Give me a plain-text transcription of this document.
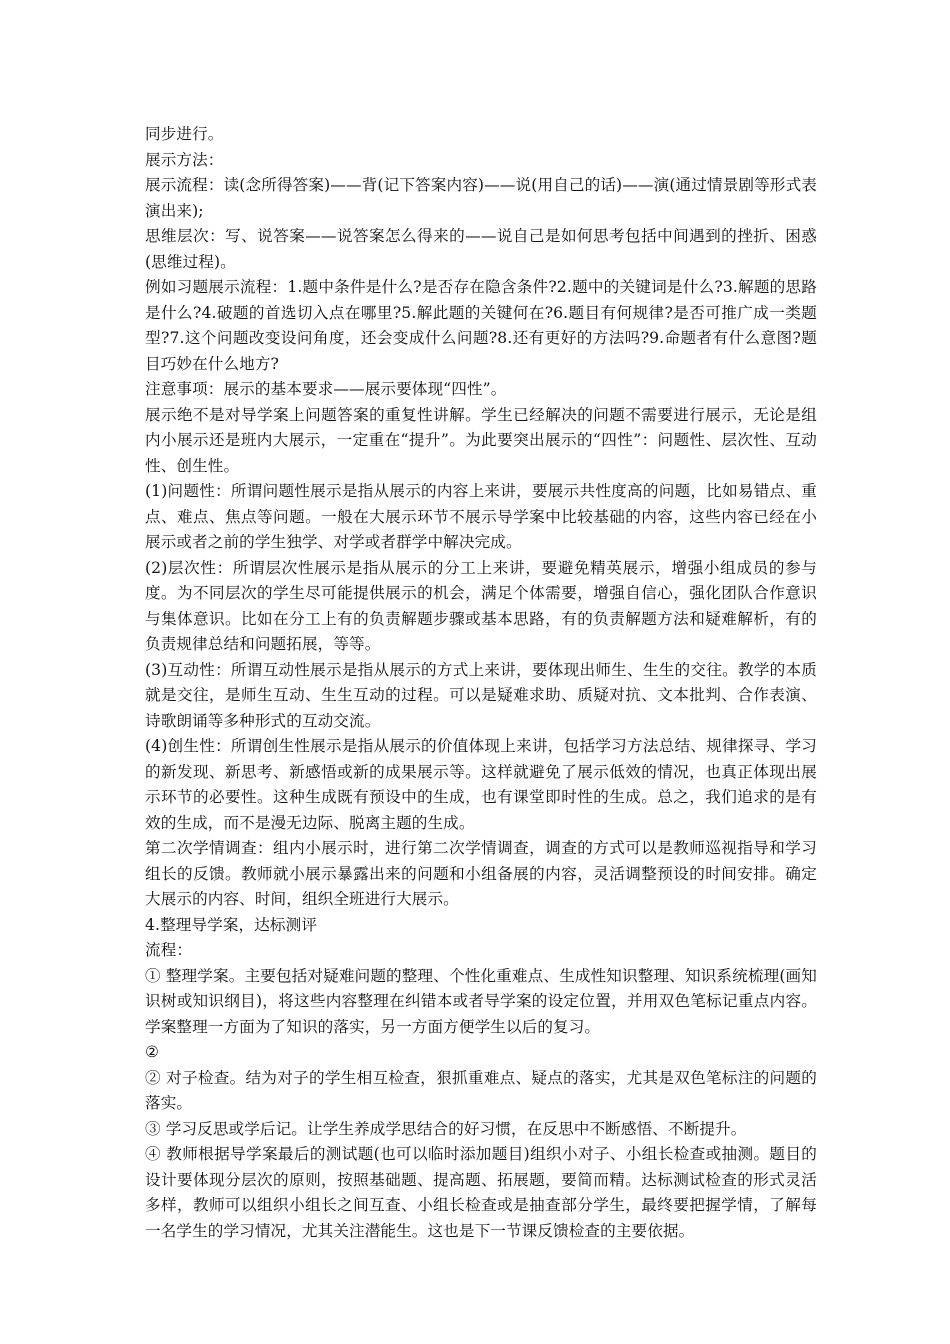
同步进行。

展示方法：

展示流程：读(念所得答案)——背(记下答案内容)——说(用自己的话)——演(通过情景剧等形式表演出来);

思维层次：写、说答案——说答案怎么得来的——说自己是如何思考包括中间遇到的挫折、困惑(思维过程)。

例如习题展示流程：1.题中条件是什么?是否存在隐含条件?2.题中的关键词是什么?3.解题的思路是什么?4.破题的首选切入点在哪里?5.解此题的关键何在?6.题目有何规律?是否可推广成一类题型?7.这个问题改变设问角度，还会变成什么问题?8.还有更好的方法吗?9.命题者有什么意图?题目巧妙在什么地方?

注意事项：展示的基本要求——展示要体现“四性”。

展示绝不是对导学案上问题答案的重复性讲解。学生已经解决的问题不需要进行展示，无论是组内小展示还是班内大展示，一定重在“提升”。为此要突出展示的“四性”：问题性、层次性、互动性、创生性。

(1)问题性：所谓问题性展示是指从展示的内容上来讲，要展示共性度高的问题，比如易错点、重点、难点、焦点等问题。一般在大展示环节不展示导学案中比较基础的内容，这些内容已经在小展示或者之前的学生独学、对学或者群学中解决完成。

(2)层次性：所谓层次性展示是指从展示的分工上来讲，要避免精英展示，增强小组成员的参与度。为不同层次的学生尽可能提供展示的机会，满足个体需要，增强自信心，强化团队合作意识与集体意识。比如在分工上有的负责解题步骤或基本思路，有的负责解题方法和疑难解析，有的负责规律总结和问题拓展，等等。

(3)互动性：所谓互动性展示是指从展示的方式上来讲，要体现出师生、生生的交往。教学的本质就是交往，是师生互动、生生互动的过程。可以是疑难求助、质疑对抗、文本批判、合作表演、诗歌朗诵等多种形式的互动交流。

(4)创生性：所谓创生性展示是指从展示的价值体现上来讲，包括学习方法总结、规律探寻、学习的新发现、新思考、新感悟或新的成果展示等。这样就避免了展示低效的情况，也真正体现出展示环节的必要性。这种生成既有预设中的生成，也有课堂即时性的生成。总之，我们追求的是有效的生成，而不是漫无边际、脱离主题的生成。

第二次学情调查：组内小展示时，进行第二次学情调查，调查的方式可以是教师巡视指导和学习组长的反馈。教师就小展示暴露出来的问题和小组备展的内容，灵活调整预设的时间安排。确定大展示的内容、时间，组织全班进行大展示。

4.整理导学案，达标测评

流程：

① 整理学案。主要包括对疑难问题的整理、个性化重难点、生成性知识整理、知识系统梳理(画知识树或知识纲目)，将这些内容整理在纠错本或者导学案的设定位置，并用双色笔标记重点内容。学案整理一方面为了知识的落实，另一方面方便学生以后的复习。

②

② 对子检查。结为对子的学生相互检查，狠抓重难点、疑点的落实，尤其是双色笔标注的问题的落实。

③ 学习反思或学后记。让学生养成学思结合的好习惯，在反思中不断感悟、不断提升。

④ 教师根据导学案最后的测试题(也可以临时添加题目)组织小对子、小组长检查或抽测。题目的设计要体现分层次的原则，按照基础题、提高题、拓展题，要简而精。达标测试检查的形式灵活多样，教师可以组织小组长之间互查、小组长检查或是抽查部分学生，最终要把握学情，了解每一名学生的学习情况，尤其关注潜能生。这也是下一节课反馈检查的主要依据。
